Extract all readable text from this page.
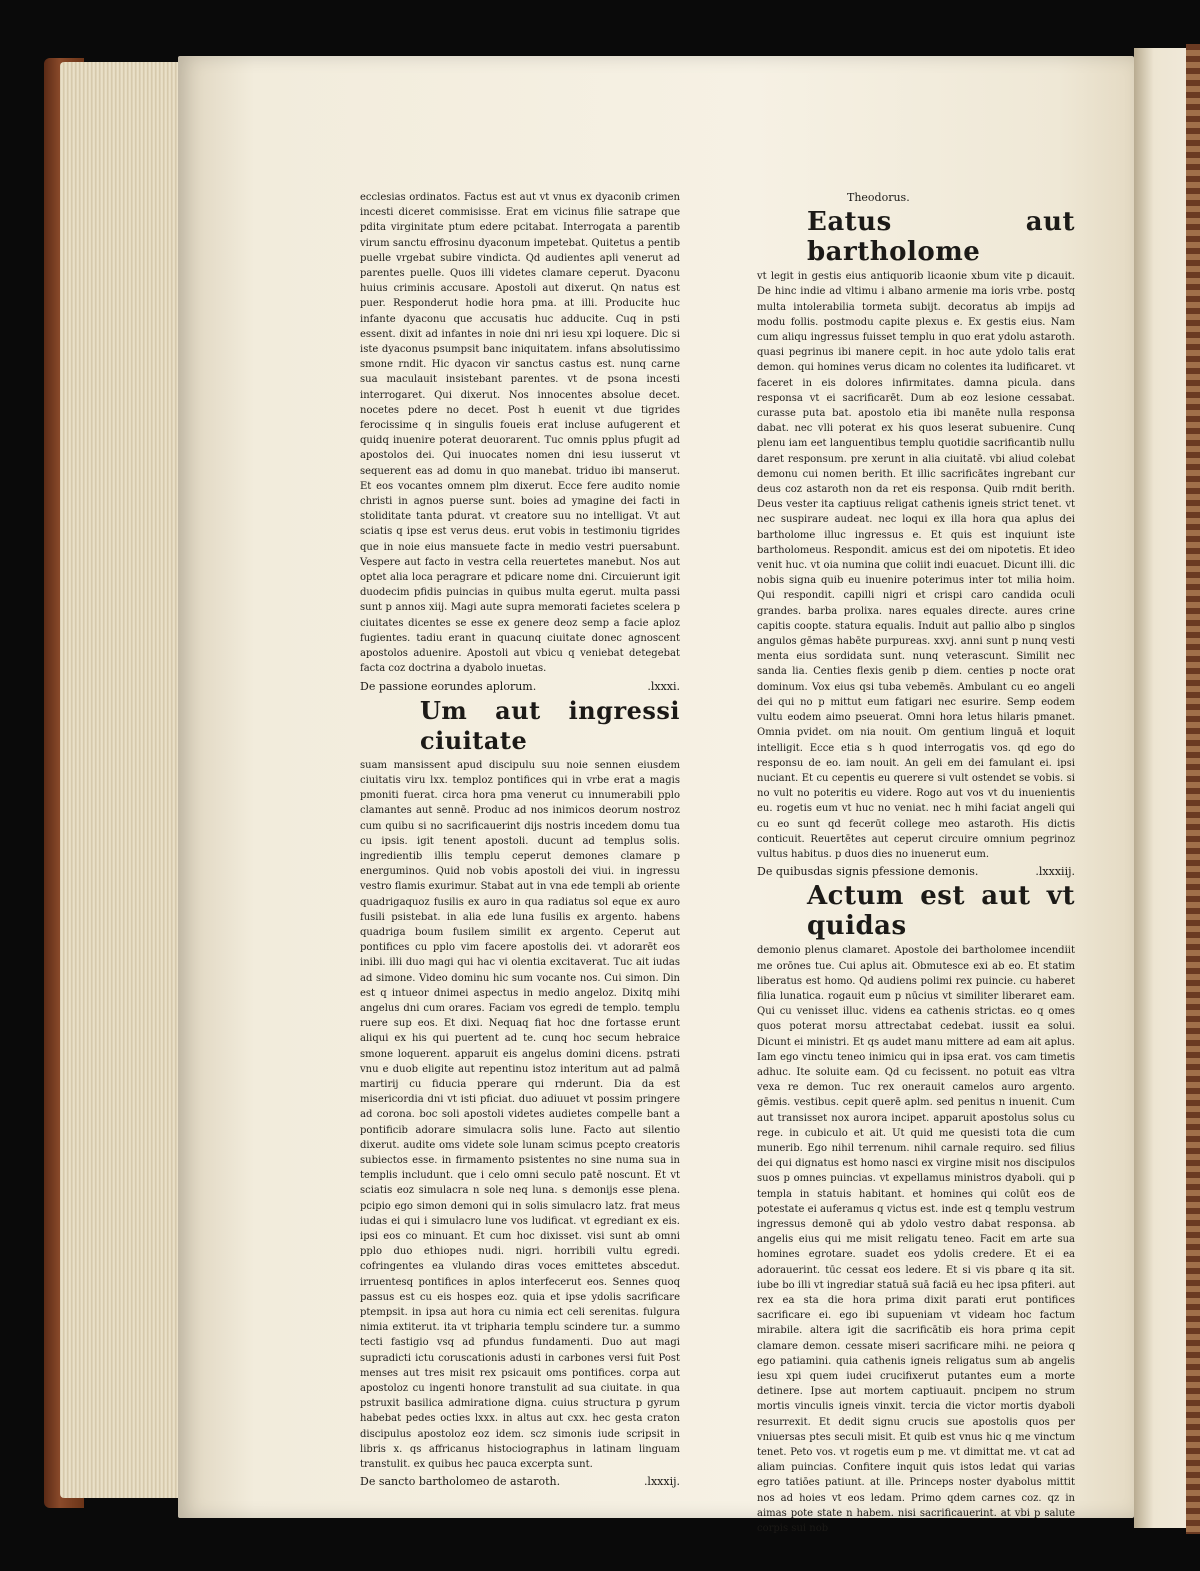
ecclesias ordinatos. Factus est aut vt vnus ex dyaconib crimen incesti diceret commisisse. Erat em vicinus filie satrape que pdita virginitate ptum edere pcitabat. Interrogata a parentib virum sanctu effrosinu dyaconum impetebat. Quitetus a pentib puelle vrgebat subire vindicta. Qd audientes apli venerut ad parentes puelle. Quos illi videtes clamare ceperut. Dyaconu huius criminis accusare. Apostoli aut dixerut. Qn natus est puer. Responderut hodie hora pma. at illi. Producite huc infante dyaconu que accusatis huc adducite. Cuq in psti essent. dixit ad infantes in noie dni nri iesu xpi loquere. Dic si iste dyaconus psumpsit banc iniquitatem. infans absolutissimo smone rndit. Hic dyacon vir sanctus castus est. nunq carne sua maculauit insistebant parentes. vt de psona incesti interrogaret. Qui dixerut. Nos innocentes absolue decet. nocetes pdere no decet. Post h euenit vt due tigrides ferocissime q in singulis foueis erat incluse aufugerent et quidq inuenire poterat deuorarent. Tuc omnis pplus pfugit ad apostolos dei. Qui inuocates nomen dni iesu iusserut vt sequerent eas ad domu in quo manebat. triduo ibi manserut. Et eos vocantes omnem plm dixerut. Ecce fere audito nomie christi in agnos puerse sunt. boies ad ymagine dei facti in stoliditate tanta pdurat. vt creatore suu no intelligat. Vt aut sciatis q ipse est verus deus. erut vobis in testimoniu tigrides que in noie eius mansuete facte in medio vestri puersabunt. Vespere aut facto in vestra cella reuertetes manebut. Nos aut optet alia loca peragrare et pdicare nome dni. Circuierunt igit duodecim pfidis puincias in quibus multa egerut. multa passi sunt p annos xiij. Magi aute supra memorati facietes scelera p ciuitates dicentes se esse ex genere deoz semp a facie aploz fugientes. tadiu erant in quacunq ciuitate donec agnoscent apostolos aduenire. Apostoli aut vbicu q veniebat detegebat facta coz doctrina a dyabolo inuetas.

De passione eorundes aplorum.	.lxxxi.
Um aut ingressi ciuitate

suam mansissent apud discipulu suu noie sennen eiusdem ciuitatis viru lxx. temploz pontifices qui in vrbe erat a magis pmoniti fuerat. circa hora pma venerut cu innumerabili pplo clamantes aut sennē. Produc ad nos inimicos deorum nostroz cum quibu si no sacrificauerint dijs nostris incedem domu tua cu ipsis. igit tenent apostoli. ducunt ad templus solis. ingredientib illis templu ceperut demones clamare p energuminos. Quid nob vobis apostoli dei viui. in ingressu vestro flamis exurimur. Stabat aut in vna ede templi ab oriente quadrigaquoz fusilis ex auro in qua radiatus sol eque ex auro fusili psistebat. in alia ede luna fusilis ex argento. habens quadriga boum fusilem similit ex argento. Ceperut aut pontifices cu pplo vim facere apostolis dei. vt adorarēt eos inibi. illi duo magi qui hac vi olentia excitaverat. Tuc ait iudas ad simone. Video dominu hic sum vocante nos. Cui simon. Din est q intueor dnimei aspectus in medio angeloz. Dixitq mihi angelus dni cum orares. Faciam vos egredi de templo. templu ruere sup eos. Et dixi. Nequaq fiat hoc dne fortasse erunt aliqui ex his qui puertent ad te. cunq hoc secum hebraice smone loquerent. apparuit eis angelus domini dicens. pstrati vnu e duob eligite aut repentinu istoz interitum aut ad palmā martirij cu fiducia pperare qui rnderunt. Dia da est misericordia dni vt isti pficiat. duo adiuuet vt possim pringere ad corona. boc soli apostoli videtes audietes compelle bant a pontificib adorare simulacra solis lune. Facto aut silentio dixerut. audite oms videte sole lunam scimus pcepto creatoris subiectos esse. in firmamento psistentes no sine numa sua in templis includunt. que i celo omni seculo patē noscunt. Et vt sciatis eoz simulacra n sole neq luna. s demonijs esse plena. pcipio ego simon demoni qui in solis simulacro latz. frat meus iudas ei qui i simulacro lune vos ludificat. vt egrediant ex eis. ipsi eos co minuant. Et cum hoc dixisset. visi sunt ab omni pplo duo ethiopes nudi. nigri. horribili vultu egredi. cofringentes ea vlulando diras voces emittetes abscedut. irruentesq pontifices in aplos interfecerut eos. Sennes quoq passus est cu eis hospes eoz. quia et ipse ydolis sacrificare ptempsit. in ipsa aut hora cu nimia ect celi serenitas. fulgura nimia extiterut. ita vt tripharia templu scindere tur. a summo tecti fastigio vsq ad pfundus fundamenti. Duo aut magi supradicti ictu coruscationis adusti in carbones versi fuit Post menses aut tres misit rex psicauit oms pontifices. corpa aut apostoloz cu ingenti honore transtulit ad sua ciuitate. in qua pstruxit basilica admiratione digna. cuius structura p gyrum habebat pedes octies lxxx. in altus aut cxx. hec gesta craton discipulus apostoloz eoz idem. scz simonis iude scripsit in libris x. qs affricanus histociographus in latinam linguam transtulit. ex quibus hec pauca excerpta sunt.

De sancto bartholomeo de astaroth.	.lxxxij.
Theodorus.
Eatus aut bartholome

vt legit in gestis eius antiquorib licaonie xbum vite p dicauit. De hinc indie ad vltimu i albano armenie ma ioris vrbe. postq multa intolerabilia tormeta subijt. decoratus ab impijs ad modu follis. postmodu capite plexus e. Ex gestis eius. Nam cum aliqu ingressus fuisset templu in quo erat ydolu astaroth. quasi pegrinus ibi manere cepit. in hoc aute ydolo talis erat demon. qui homines verus dicam no colentes ita ludificaret. vt faceret in eis dolores infirmitates. damna picula. dans responsa vt ei sacrificarēt. Dum ab eoz lesione cessabat. curasse puta bat. apostolo etia ibi manēte nulla responsa dabat. nec vlli poterat ex his quos leserat subuenire. Cunq plenu iam eet languentibus templu quotidie sacrificantib nullu daret responsum. pre xerunt in alia ciuitatē. vbi aliud colebat demonu cui nomen berith. Et illic sacrificātes ingrebant cur deus coz astaroth non da ret eis responsa. Quib rndit berith. Deus vester ita captiuus religat cathenis igneis strict tenet. vt nec suspirare audeat. nec loqui ex illa hora qua aplus dei bartholome illuc ingressus e. Et quis est inquiunt iste bartholomeus. Respondit. amicus est dei om nipotetis. Et ideo venit huc. vt oia numina que coliit indi euacuet. Dicunt illi. dic nobis signa quib eu inuenire poterimus inter tot milia hoim. Qui respondit. capilli nigri et crispi caro candida oculi grandes. barba prolixa. nares equales directe. aures crine capitis coopte. statura equalis. Induit aut pallio albo p singlos angulos gēmas habēte purpureas. xxvj. anni sunt p nunq vesti menta eius sordidata sunt. nunq veterascunt. Similit nec sanda lia. Centies flexis genib p diem. centies p nocte orat dominum. Vox eius qsi tuba vebemēs. Ambulant cu eo angeli dei qui no p mittut eum fatigari nec esurire. Semp eodem vultu eodem aimo pseuerat. Omni hora letus hilaris pmanet. Omnia pvidet. om nia nouit. Om gentium linguā et loquit intelligit. Ecce etia s h quod interrogatis vos. qd ego do responsu de eo. iam nouit. An geli em dei famulant ei. ipsi nuciant. Et cu cepentis eu querere si vult ostendet se vobis. si no vult no poteritis eu videre. Rogo aut vos vt du inuenientis eu. rogetis eum vt huc no veniat. nec h mihi faciat angeli qui cu eo sunt qd fecerūt college meo astaroth. His dictis conticuit. Reuertētes aut ceperut circuire omnium pegrinoz vultus habitus. p duos dies no inuenerut eum.

De quibusdas signis pfessione demonis.	.lxxxiij.
Actum est aut vt quidas

demonio plenus clamaret. Apostole dei bartholomee incendiit me orōnes tue. Cui aplus ait. Obmutesce exi ab eo. Et statim liberatus est homo. Qd audiens polimi rex puincie. cu haberet filia lunatica. rogauit eum p nūcius vt similiter liberaret eam. Qui cu venisset illuc. videns ea cathenis strictas. eo q omes quos poterat morsu attrectabat cedebat. iussit ea solui. Dicunt ei ministri. Et qs audet manu mittere ad eam ait aplus. Iam ego vinctu teneo inimicu qui in ipsa erat. vos cam timetis adhuc. Ite soluite eam. Qd cu fecissent. no potuit eas vltra vexa re demon. Tuc rex onerauit camelos auro argento. gēmis. vestibus. cepit querē aplm. sed penitus n inuenit. Cum aut transisset nox aurora incipet. apparuit apostolus solus cu rege. in cubiculo et ait. Ut quid me quesisti tota die cum munerib. Ego nihil terrenum. nihil carnale requiro. sed filius dei qui dignatus est homo nasci ex virgine misit nos discipulos suos p omnes puincias. vt expellamus ministros dyaboli. qui p templa in statuis habitant. et homines qui colūt eos de potestate ei auferamus q victus est. inde est q templu vestrum ingressus demonē qui ab ydolo vestro dabat responsa. ab angelis eius qui me misit religatu teneo. Facit em arte sua homines egrotare. suadet eos ydolis credere. Et ei ea adorauerint. tūc cessat eos ledere. Et si vis pbare q ita sit. iube bo illi vt ingrediar statuā suā faciā eu hec ipsa pfiteri. aut rex ea sta die hora prima dixit parati erut pontifices sacrificare ei. ego ibi supueniam vt videam hoc factum mirabile. altera igit die sacrificātib eis hora prima cepit clamare demon. cessate miseri sacrificare mihi. ne peiora q ego patiamini. quia cathenis igneis religatus sum ab angelis iesu xpi quem iudei crucifixerut putantes eum a morte detinere. Ipse aut mortem captiuauit. pncipem no strum mortis vinculis igneis vinxit. tercia die victor mortis dyaboli resurrexit. Et dedit signu crucis sue apostolis quos per vniuersas ptes seculi misit. Et quib est vnus hic q me vinctum tenet. Peto vos. vt rogetis eum p me. vt dimittat me. vt cat ad aliam puincias. Confitere inquit quis istos ledat qui varias egro tatiōes patiunt. at ille. Princeps noster dyabolus mittit nos ad hoies vt eos ledam. Primo qdem carnes coz. qz in aimas pote state n habem. nisi sacrificauerint. at vbi p salute corpis sui nob
